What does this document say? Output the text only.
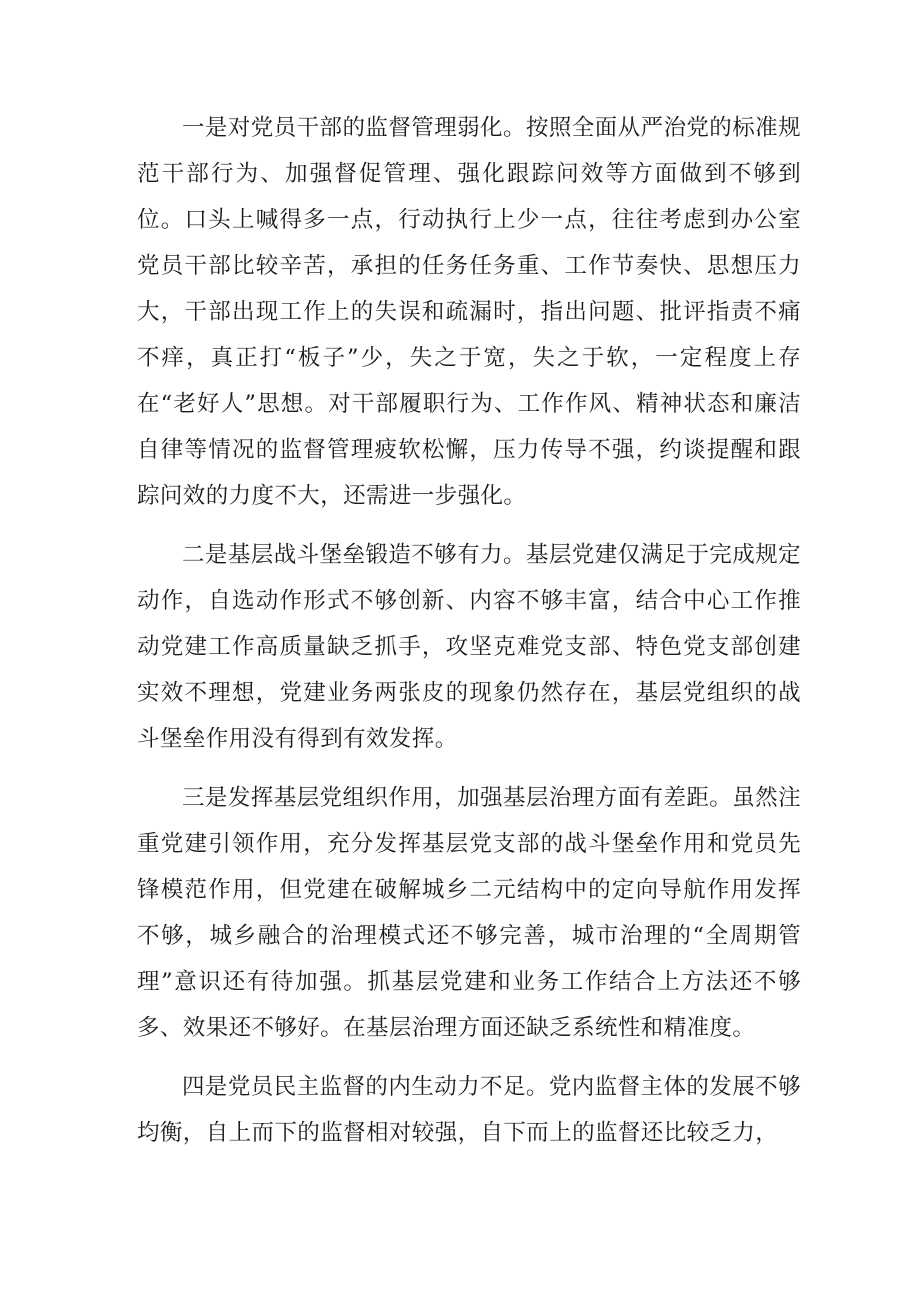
一是对党员干部的监督管理弱化。按照全面从严治党的标准规范干部行为、加强督促管理、强化跟踪问效等方面做到不够到位。口头上喊得多一点，行动执行上少一点，往往考虑到办公室党员干部比较辛苦，承担的任务任务重、工作节奏快、思想压力大，干部出现工作上的失误和疏漏时，指出问题、批评指责不痛不痒，真正打“板子”少，失之于宽，失之于软，一定程度上存在“老好人”思想。对干部履职行为、工作作风、精神状态和廉洁自律等情况的监督管理疲软松懈，压力传导不强，约谈提醒和跟踪问效的力度不大，还需进一步强化。

二是基层战斗堡垒锻造不够有力。基层党建仅满足于完成规定动作，自选动作形式不够创新、内容不够丰富，结合中心工作推动党建工作高质量缺乏抓手，攻坚克难党支部、特色党支部创建实效不理想，党建业务两张皮的现象仍然存在，基层党组织的战斗堡垒作用没有得到有效发挥。

三是发挥基层党组织作用，加强基层治理方面有差距。虽然注重党建引领作用，充分发挥基层党支部的战斗堡垒作用和党员先锋模范作用，但党建在破解城乡二元结构中的定向导航作用发挥不够，城乡融合的治理模式还不够完善，城市治理的“全周期管理”意识还有待加强。抓基层党建和业务工作结合上方法还不够多、效果还不够好。在基层治理方面还缺乏系统性和精准度。

四是党员民主监督的内生动力不足。党内监督主体的发展不够均衡，自上而下的监督相对较强，自下而上的监督还比较乏力，
